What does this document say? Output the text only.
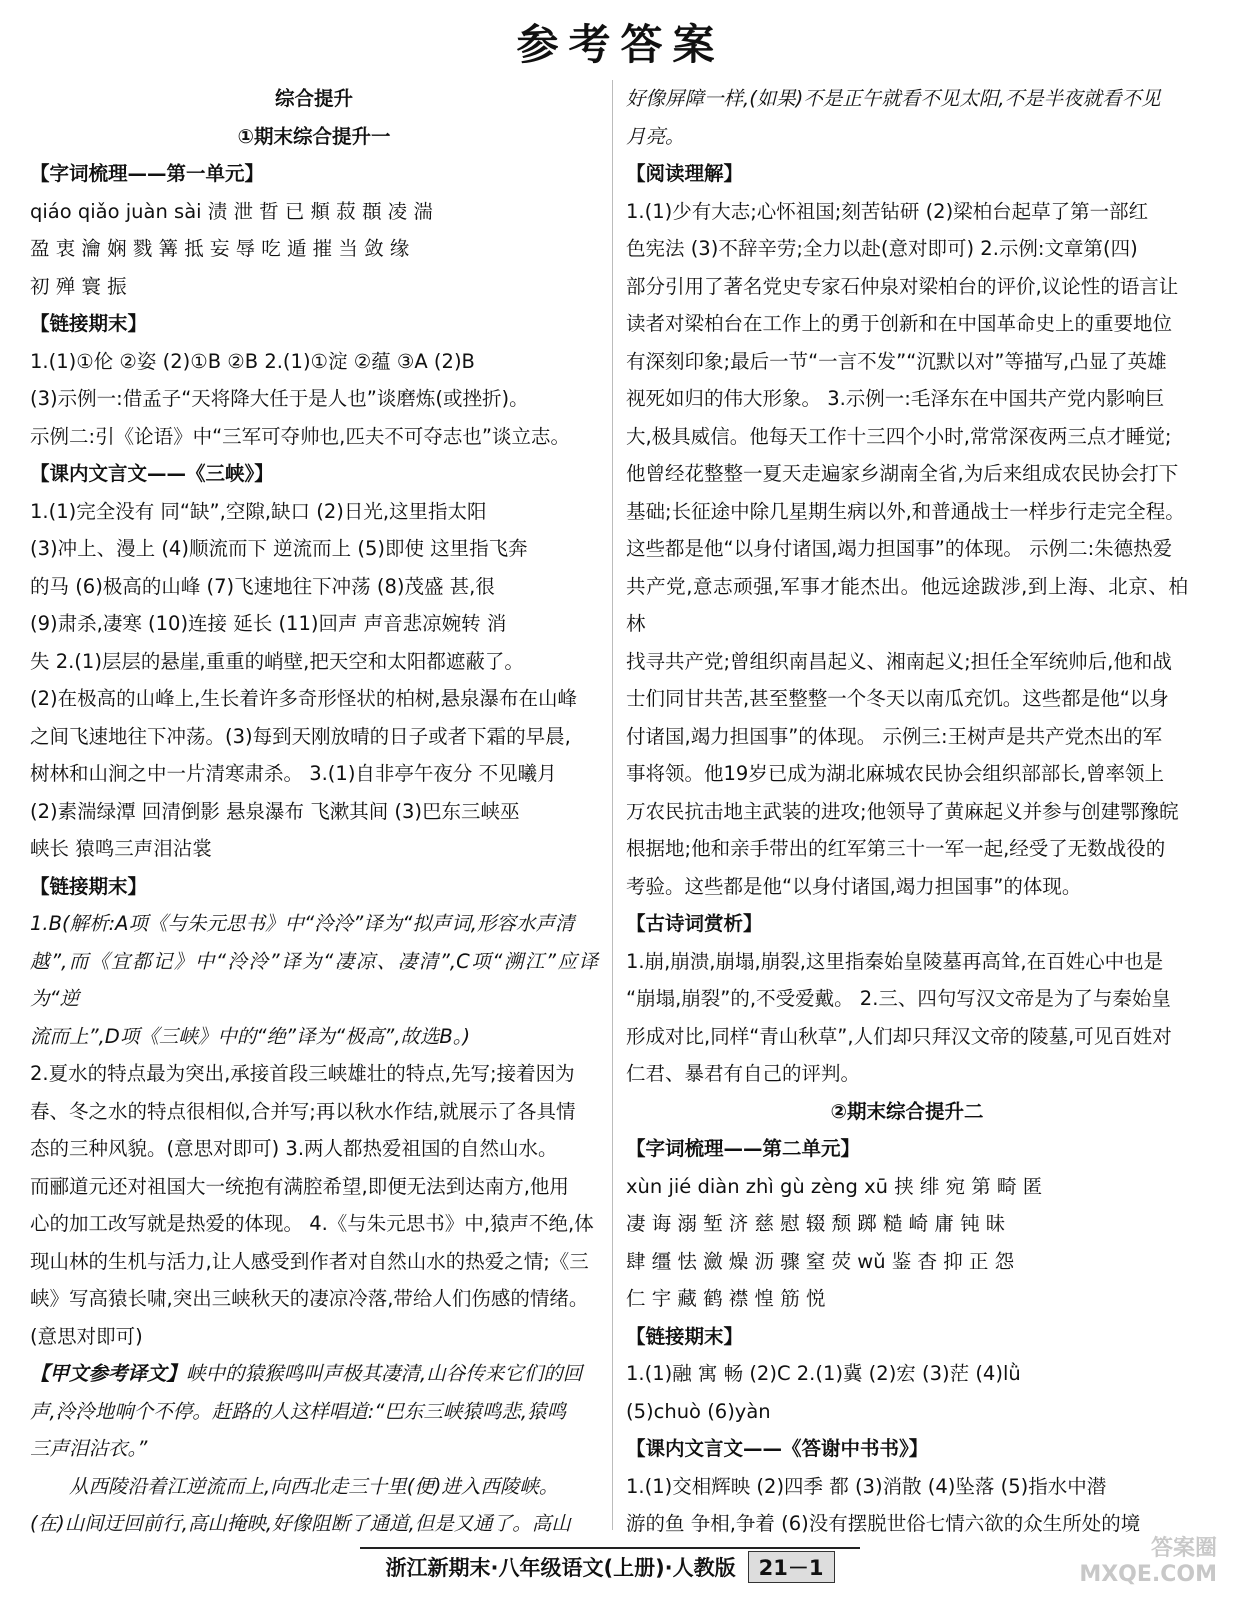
参考答案

综合提升

①期末综合提升一

【字词梳理——第一单元】

qiáo qiǎo juàn sài 渍 泄 晢 已 頫 菽 頵 凌 湍

盈 衷 瀹 娴 戮 篝 抵 妄 辱 吃 遁 摧 当 敛 缘

初 殚 寰 振

【链接期末】

1.(1)①伦 ②姿 (2)①B ②B 2.(1)①淀 ②蕴 ③A (2)B

(3)示例一:借孟子“天将降大任于是人也”谈磨炼(或挫折)。

示例二:引《论语》中“三军可夺帅也,匹夫不可夺志也”谈立志。

【课内文言文——《三峡》】

1.(1)完全没有 同“缺”,空隙,缺口 (2)日光,这里指太阳

(3)冲上、漫上 (4)顺流而下 逆流而上 (5)即使 这里指飞奔

的马 (6)极高的山峰 (7)飞速地往下冲荡 (8)茂盛 甚,很

(9)肃杀,凄寒 (10)连接 延长 (11)回声 声音悲凉婉转 消

失 2.(1)层层的悬崖,重重的峭壁,把天空和太阳都遮蔽了。

(2)在极高的山峰上,生长着许多奇形怪状的柏树,悬泉瀑布在山峰

之间飞速地往下冲荡。(3)每到天刚放晴的日子或者下霜的早晨,

树林和山涧之中一片清寒肃杀。 3.(1)自非亭午夜分 不见曦月

(2)素湍绿潭 回清倒影 悬泉瀑布 飞漱其间 (3)巴东三峡巫

峡长 猿鸣三声泪沾裳

【链接期末】

1.B(解析:A项《与朱元思书》中“泠泠”译为“拟声词,形容水声清

越”,而《宜都记》中“泠泠”译为“凄凉、凄清”,C项“溯江”应译为“逆

流而上”,D项《三峡》中的“绝”译为“极高”,故选B。)

2.夏水的特点最为突出,承接首段三峡雄壮的特点,先写;接着因为

春、冬之水的特点很相似,合并写;再以秋水作结,就展示了各具情

态的三种风貌。(意思对即可) 3.两人都热爱祖国的自然山水。

而郦道元还对祖国大一统抱有满腔希望,即便无法到达南方,他用

心的加工改写就是热爱的体现。 4.《与朱元思书》中,猿声不绝,体

现山林的生机与活力,让人感受到作者对自然山水的热爱之情;《三

峡》写高猿长啸,突出三峡秋天的凄凉冷落,带给人们伤感的情绪。

(意思对即可)

【甲文参考译文】峡中的猿猴鸣叫声极其凄清,山谷传来它们的回

声,泠泠地响个不停。赶路的人这样唱道:“巴东三峡猿鸣悲,猿鸣

三声泪沾衣。”

从西陵沿着江逆流而上,向西北走三十里(便)进入西陵峡。

(在)山间迂回前行,高山掩映,好像阻断了通道,但是又通了。高山

好像屏障一样,(如果)不是正午就看不见太阳,不是半夜就看不见

月亮。

【阅读理解】

1.(1)少有大志;心怀祖国;刻苦钻研 (2)梁柏台起草了第一部红

色宪法 (3)不辞辛劳;全力以赴(意对即可) 2.示例:文章第(四)

部分引用了著名党史专家石仲泉对梁柏台的评价,议论性的语言让

读者对梁柏台在工作上的勇于创新和在中国革命史上的重要地位

有深刻印象;最后一节“一言不发”“沉默以对”等描写,凸显了英雄

视死如归的伟大形象。 3.示例一:毛泽东在中国共产党内影响巨

大,极具威信。他每天工作十三四个小时,常常深夜两三点才睡觉;

他曾经花整整一夏天走遍家乡湖南全省,为后来组成农民协会打下

基础;长征途中除几星期生病以外,和普通战士一样步行走完全程。

这些都是他“以身付诸国,竭力担国事”的体现。 示例二:朱德热爱

共产党,意志顽强,军事才能杰出。他远途跋涉,到上海、北京、柏林

找寻共产党;曾组织南昌起义、湘南起义;担任全军统帅后,他和战

士们同甘共苦,甚至整整一个冬天以南瓜充饥。这些都是他“以身

付诸国,竭力担国事”的体现。 示例三:王树声是共产党杰出的军

事将领。他19岁已成为湖北麻城农民协会组织部部长,曾率领上

万农民抗击地主武装的进攻;他领导了黄麻起义并参与创建鄂豫皖

根据地;他和亲手带出的红军第三十一军一起,经受了无数战役的

考验。这些都是他“以身付诸国,竭力担国事”的体现。

【古诗词赏析】

1.崩,崩溃,崩塌,崩裂,这里指秦始皇陵墓再高耸,在百姓心中也是

“崩塌,崩裂”的,不受爱戴。 2.三、四句写汉文帝是为了与秦始皇

形成对比,同样“青山秋草”,人们却只拜汉文帝的陵墓,可见百姓对

仁君、暴君有自己的评判。

②期末综合提升二

【字词梳理——第二单元】

xùn jié diàn zhì gù zèng xū 挟 绯 宛 第 畸 匿

凄 诲 溺 堑 济 慈 慰 辍 颓 踯 糙 崎 庸 钝 昧

肆 缰 怯 瀲 燥 沥 骤 窒 荧 wǔ 鉴 杳 抑 正 怨

仁 宇 藏 鹤 襟 惶 筋 悦

【链接期末】

1.(1)融 寓 畅 (2)C 2.(1)冀 (2)宏 (3)茫 (4)lǜ

(5)chuò (6)yàn

【课内文言文——《答谢中书书》】

1.(1)交相辉映 (2)四季 都 (3)消散 (4)坠落 (5)指水中潜

游的鱼 争相,争着 (6)没有摆脱世俗七情六欲的众生所处的境

浙江新期末·八年级语文(上册)·人教版	21－1
答案圈
MXQE.COM
